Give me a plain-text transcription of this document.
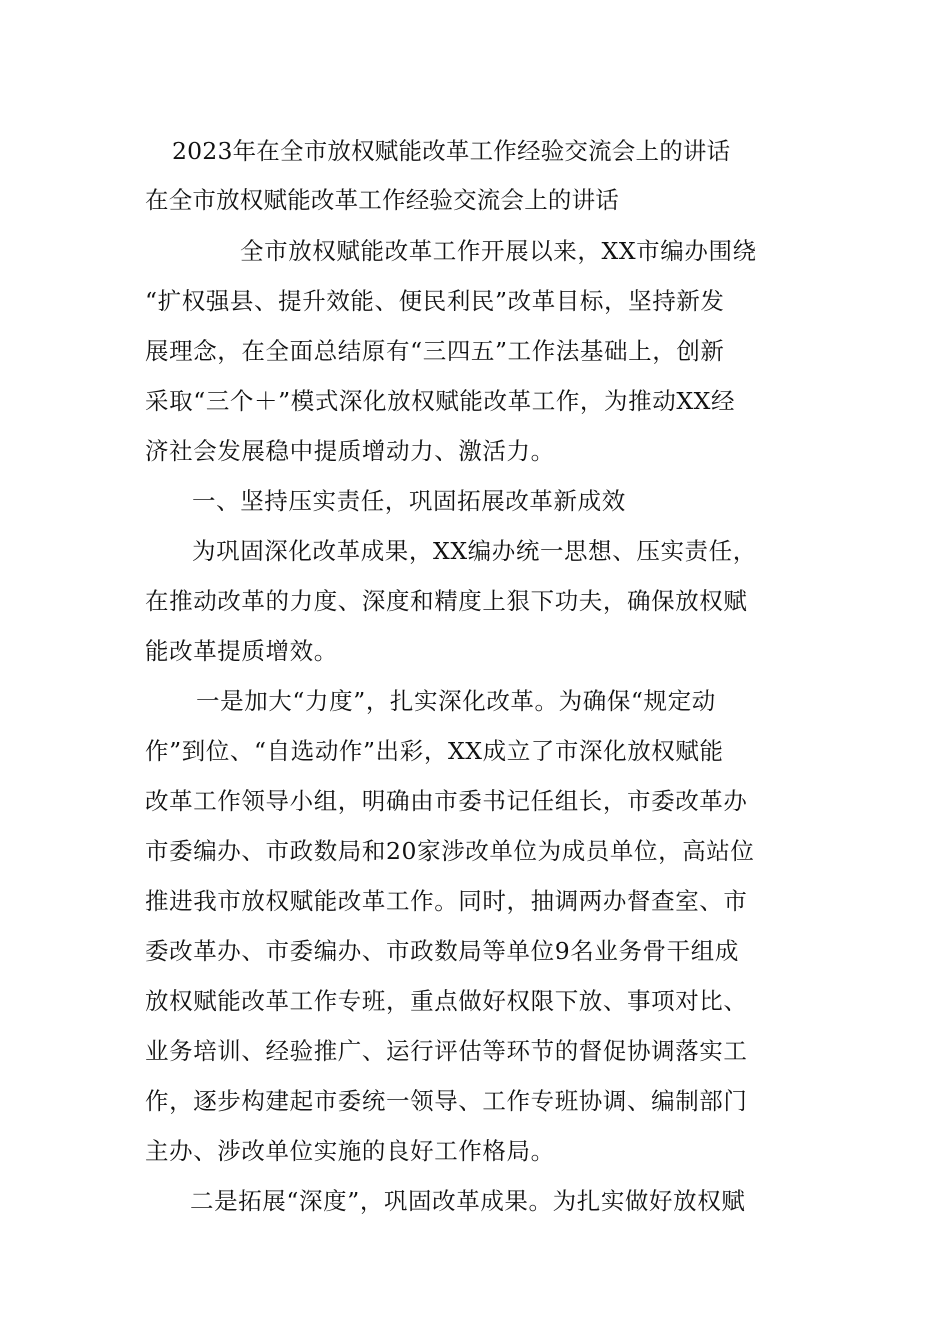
2023年在全市放权赋能改革工作经验交流会上的讲话
在全市放权赋能改革工作经验交流会上的讲话
全市放权赋能改革工作开展以来，XX市编办围绕
“扩权强县、提升效能、便民利民”改革目标，坚持新发
展理念，在全面总结原有“三四五”工作法基础上，创新
采取“三个＋”模式深化放权赋能改革工作，为推动XX经
济社会发展稳中提质增动力、激活力。
一、坚持压实责任，巩固拓展改革新成效
为巩固深化改革成果，XX编办统一思想、压实责任，
在推动改革的力度、深度和精度上狠下功夫，确保放权赋
能改革提质增效。
一是加大“力度”，扎实深化改革。为确保“规定动
作”到位、“自选动作”出彩，XX成立了市深化放权赋能
改革工作领导小组，明确由市委书记任组长，市委改革办
市委编办、市政数局和20家涉改单位为成员单位，高站位
推进我市放权赋能改革工作。同时，抽调两办督查室、市
委改革办、市委编办、市政数局等单位9名业务骨干组成
放权赋能改革工作专班，重点做好权限下放、事项对比、
业务培训、经验推广、运行评估等环节的督促协调落实工
作，逐步构建起市委统一领导、工作专班协调、编制部门
主办、涉改单位实施的良好工作格局。
二是拓展“深度”，巩固改革成果。为扎实做好放权赋
